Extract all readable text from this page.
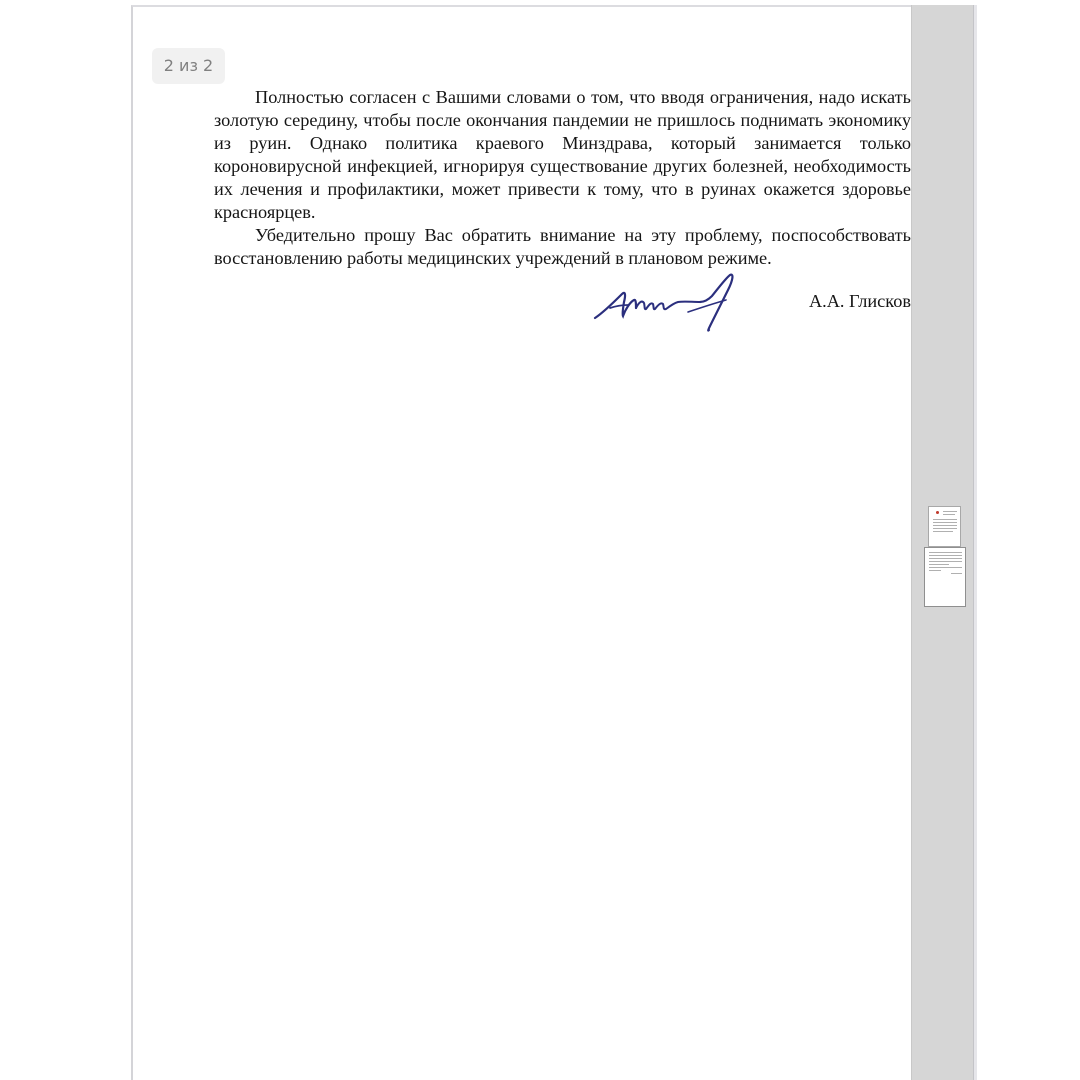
2 из 2

Полностью согласен с Вашими словами о том, что вводя ограничения, надо искать золотую середину, чтобы после окончания пандемии не пришлось поднимать экономику из руин. Однако политика краевого Минздрава, который занимается только короновирусной инфекцией, игнорируя существование других болезней, необходимость их лечения и профилактики, может привести к тому, что в руинах окажется здоровье красноярцев.

Убедительно прошу Вас обратить внимание на эту проблему, поспособствовать восстановлению работы медицинских учреждений в плановом режиме.

А.А. Глисков
